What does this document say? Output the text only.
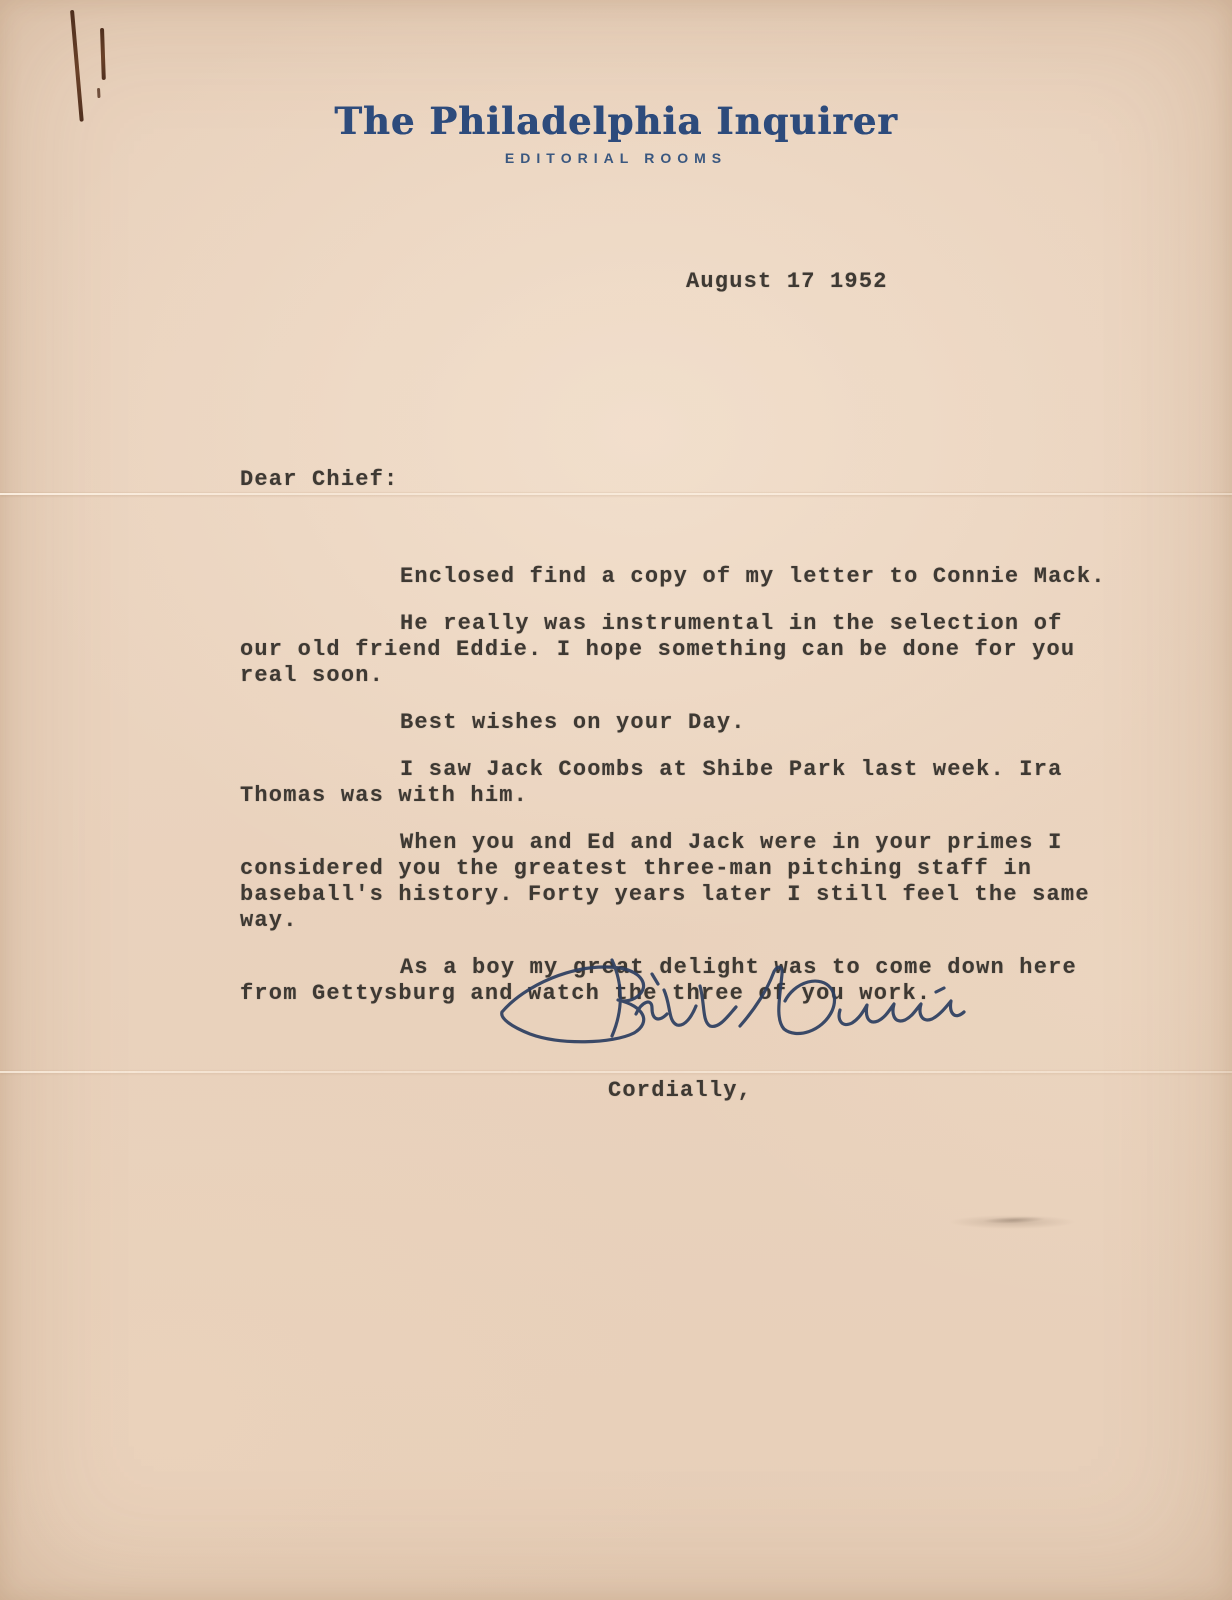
The Philadelphia Inquirer
EDITORIAL ROOMS
August 17 1952

Dear Chief:

Enclosed find a copy of my letter to Connie Mack.
He really was instrumental in the selection of
our old friend Eddie. I hope something can be done for you
real soon.
Best wishes on your Day.
I saw Jack Coombs at Shibe Park last week. Ira
Thomas was with him.
When you and Ed and Jack were in your primes I
considered you the greatest three-man pitching staff in
baseball's history. Forty years later I still feel the same
way.
As a boy my great delight was to come down here
from Gettysburg and watch the three of you work.

Cordially,
